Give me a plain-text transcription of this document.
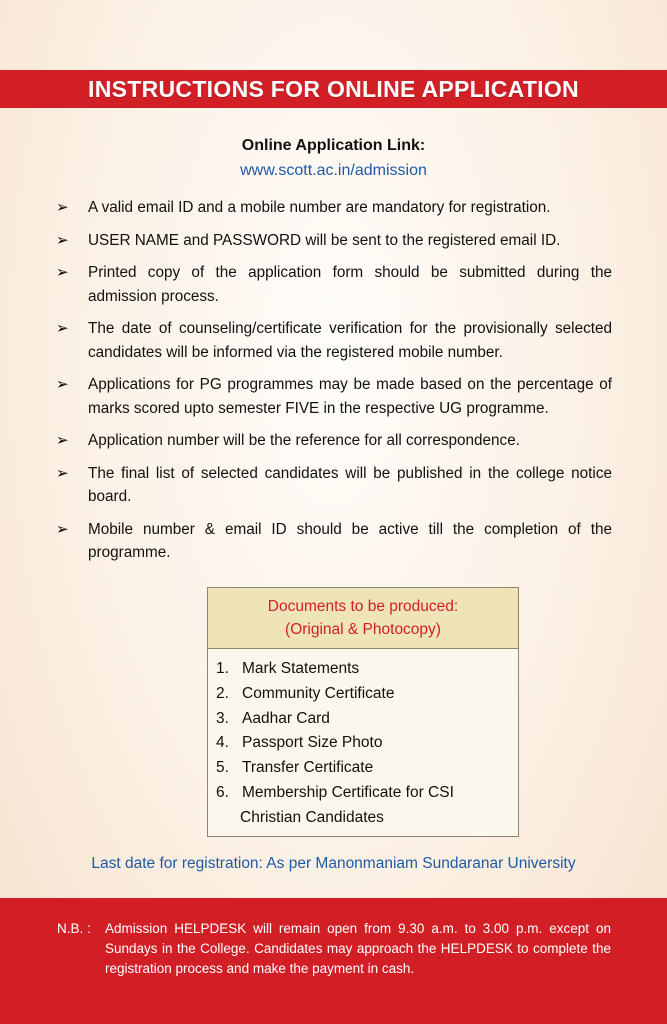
INSTRUCTIONS FOR ONLINE APPLICATION
Online Application Link:
www.scott.ac.in/admission
➢ A valid email ID and a mobile number are mandatory for registration.
➢ USER NAME and PASSWORD will be sent to the registered email ID.
➢ Printed copy of the application form should be submitted during the admission process.
➢ The date of counseling/certificate verification for the provisionally selected candidates will be informed via the registered mobile number.
➢ Applications for PG programmes may be made based on the percentage of marks scored upto semester FIVE in the respective UG programme.
➢ Application number will be the reference for all correspondence.
➢ The final list of selected candidates will be published in the college notice board.
➢ Mobile number & email ID should be active till the completion of the programme.
Documents to be produced:
(Original & Photocopy)
1. Mark Statements
2. Community Certificate
3. Aadhar Card
4. Passport Size Photo
5. Transfer Certificate
6. Membership Certificate for CSI
Christian Candidates
Last date for registration: As per Manonmaniam Sundaranar University
N.B. : Admission HELPDESK will remain open from 9.30 a.m. to 3.00 p.m. except on Sundays in the College. Candidates may approach the HELPDESK to complete the registration process and make the payment in cash.
